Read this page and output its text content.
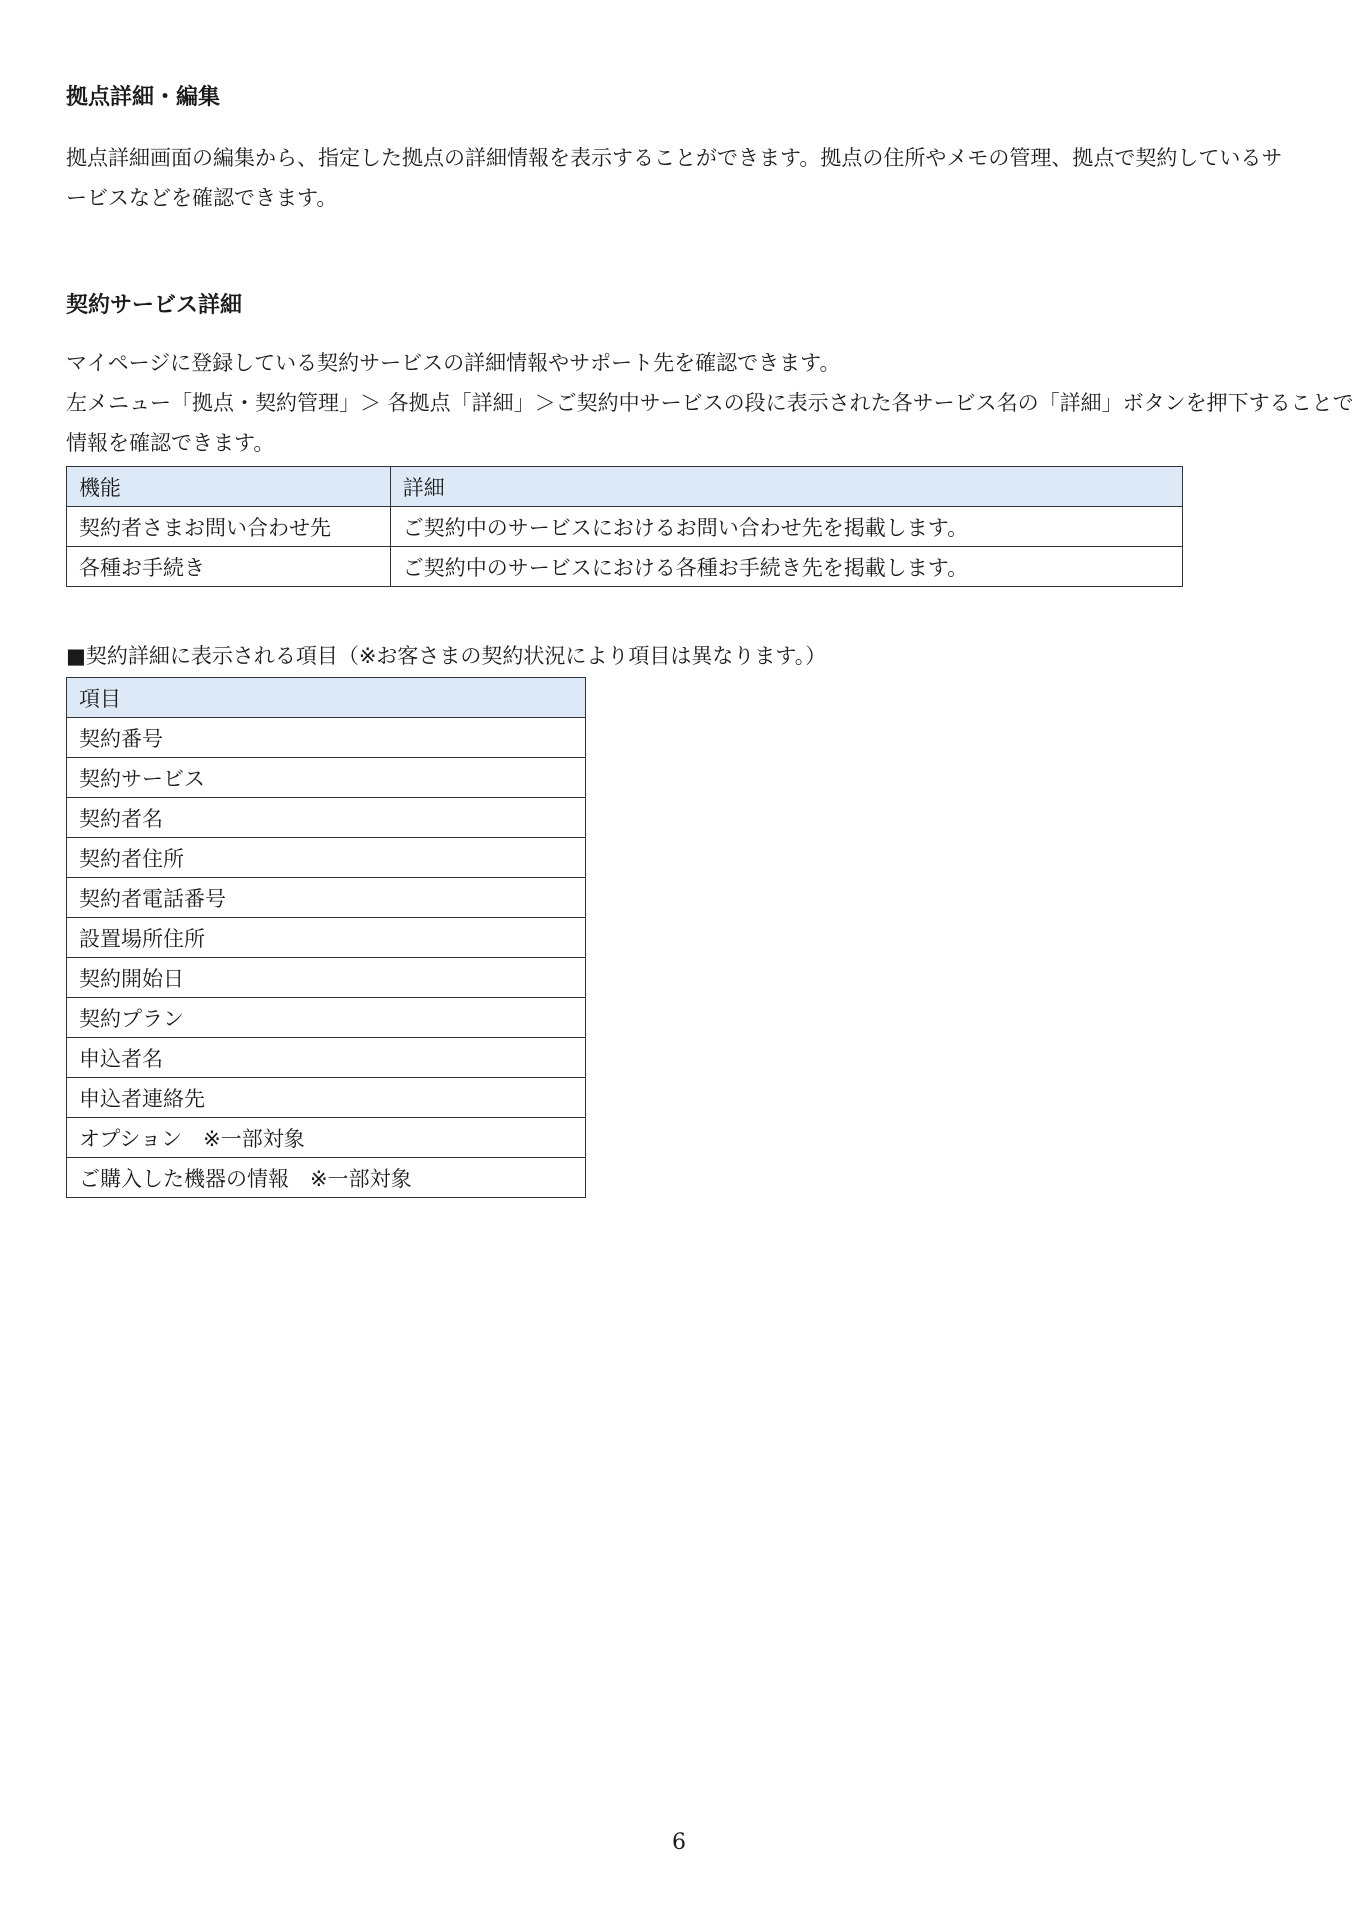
拠点詳細・編集
拠点詳細画面の編集から、指定した拠点の詳細情報を表示することができます。拠点の住所やメモの管理、拠点で契約しているサ
ービスなどを確認できます。
契約サービス詳細
マイページに登録している契約サービスの詳細情報やサポート先を確認できます。
左メニュー「拠点・契約管理」＞ 各拠点「詳細」＞ご契約中サービスの段に表示された各サービス名の「詳細」ボタンを押下することで
情報を確認できます。
機能	詳細
契約者さまお問い合わせ先	ご契約中のサービスにおけるお問い合わせ先を掲載します。
各種お手続き	ご契約中のサービスにおける各種お手続き先を掲載します。

■契約詳細に表示される項目（※お客さまの契約状況により項目は異なります。）

項目
契約番号
契約サービス
契約者名
契約者住所
契約者電話番号
設置場所住所
契約開始日
契約プラン
申込者名
申込者連絡先
オプション　※一部対象
ご購入した機器の情報　※一部対象
6
